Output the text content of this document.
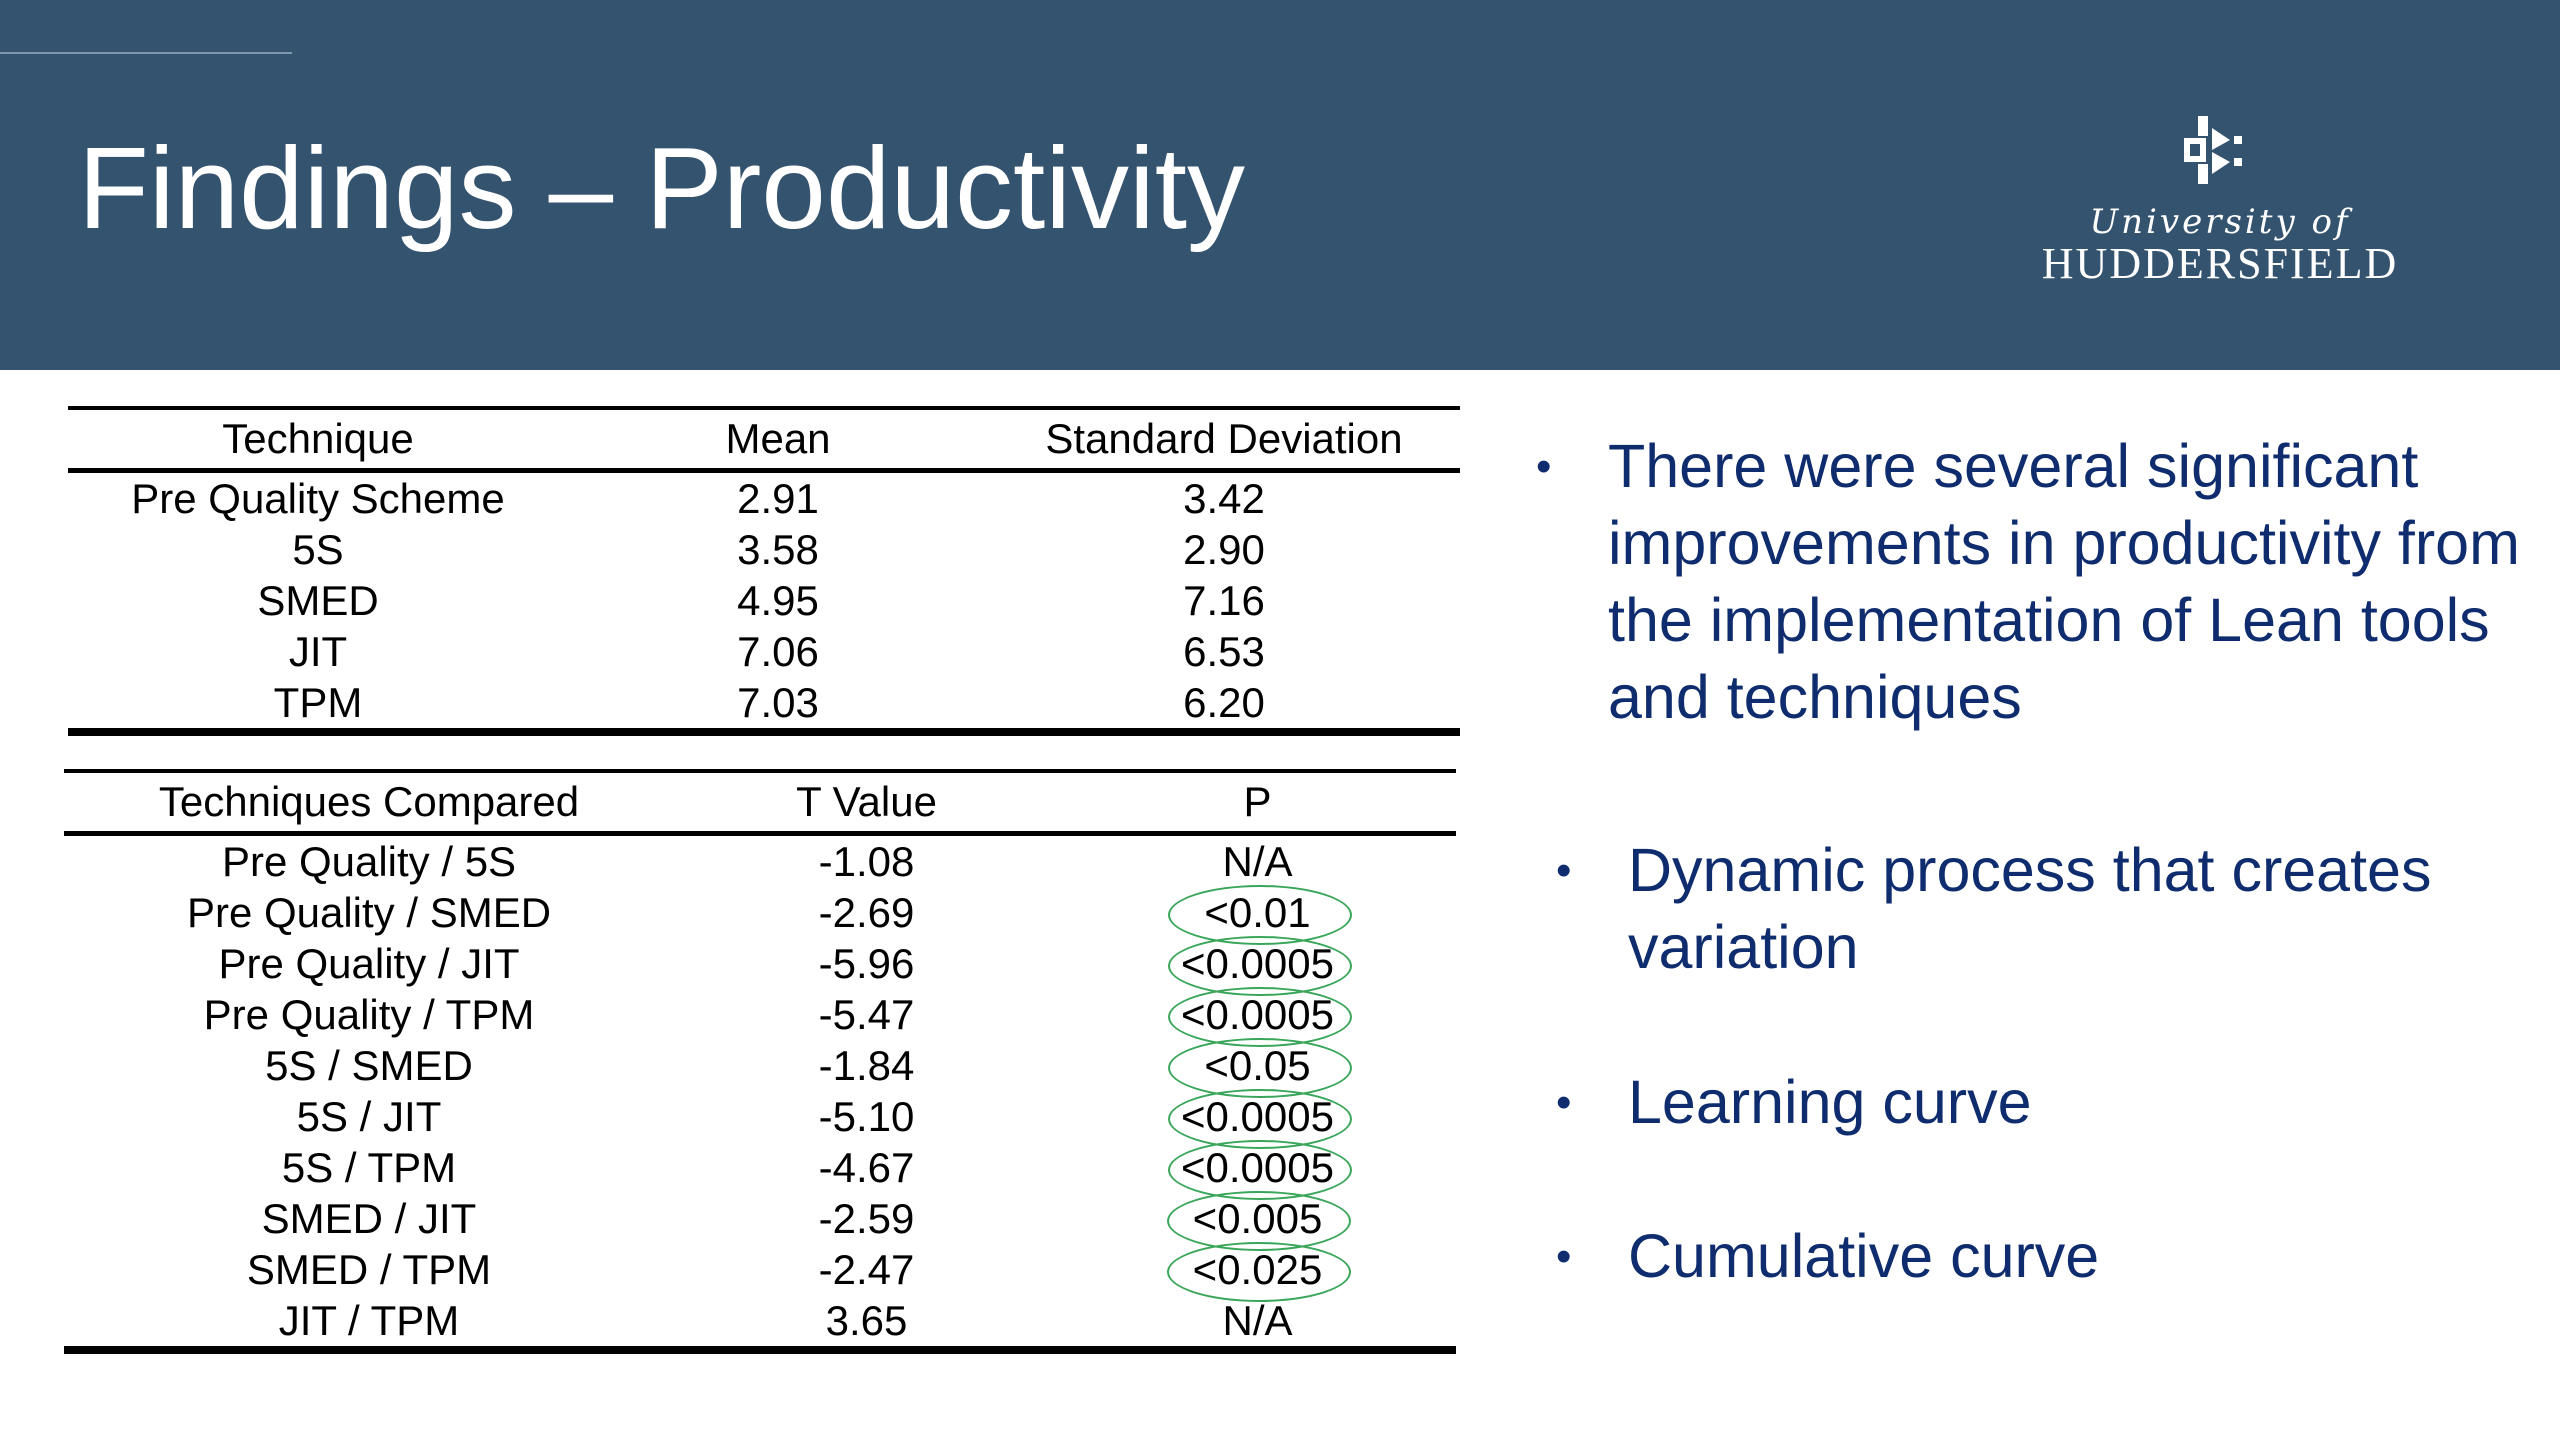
Findings – Productivity	University of
HUDDERSFIELD
Technique	Mean	Standard Deviation
Pre Quality Scheme	2.91	3.42
5S	3.58	2.90
SMED	4.95	7.16
JIT	7.06	6.53
TPM	7.03	6.20
Techniques Compared	T Value	P
Pre Quality / 5S	-1.08	N/A
Pre Quality / SMED	-2.69	<0.01
Pre Quality / JIT	-5.96	<0.0005
Pre Quality / TPM	-5.47	<0.0005
5S / SMED	-1.84	<0.05
5S / JIT	-5.10	<0.0005
5S / TPM	-4.67	<0.0005
SMED / JIT	-2.59	<0.005
SMED / TPM	-2.47	<0.025
JIT / TPM	3.65	N/A
• There were several significant improvements in productivity from the implementation of Lean tools and techniques
• Dynamic process that creates variation
• Learning curve
• Cumulative curve
